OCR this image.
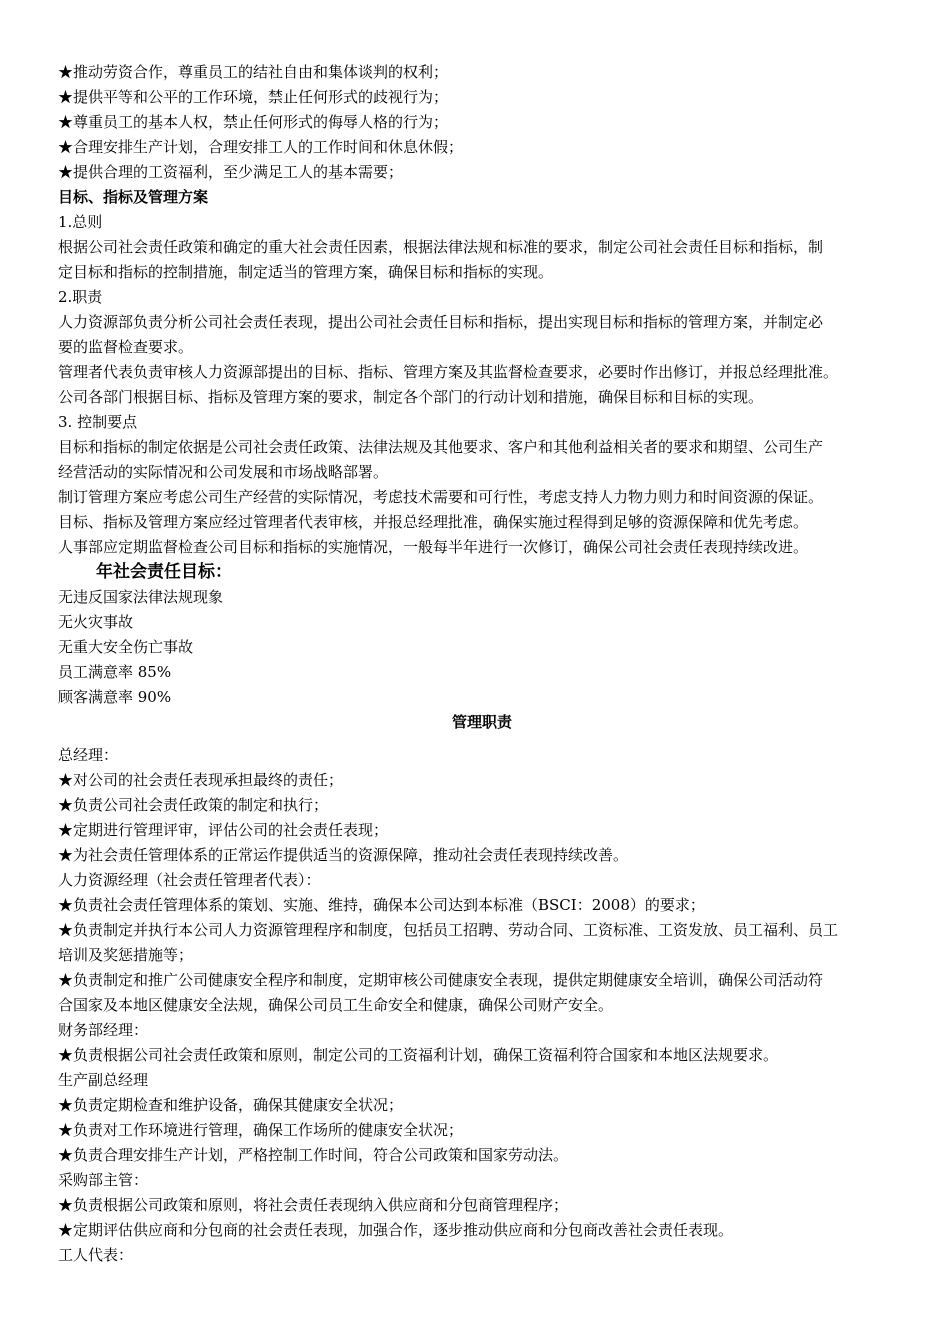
★推动劳资合作，尊重员工的结社自由和集体谈判的权利；
★提供平等和公平的工作环境，禁止任何形式的歧视行为；
★尊重员工的基本人权，禁止任何形式的侮辱人格的行为；
★合理安排生产计划，合理安排工人的工作时间和休息休假；
★提供合理的工资福利，至少满足工人的基本需要；
目标、指标及管理方案
1.总则
根据公司社会责任政策和确定的重大社会责任因素，根据法律法规和标准的要求，制定公司社会责任目标和指标，制
定目标和指标的控制措施，制定适当的管理方案，确保目标和指标的实现。
2.职责
人力资源部负责分析公司社会责任表现，提出公司社会责任目标和指标，提出实现目标和指标的管理方案，并制定必
要的监督检查要求。
管理者代表负责审核人力资源部提出的目标、指标、管理方案及其监督检查要求，必要时作出修订，并报总经理批准。
公司各部门根据目标、指标及管理方案的要求，制定各个部门的行动计划和措施，确保目标和目标的实现。
3. 控制要点
目标和指标的制定依据是公司社会责任政策、法律法规及其他要求、客户和其他利益相关者的要求和期望、公司生产
经营活动的实际情况和公司发展和市场战略部署。
制订管理方案应考虑公司生产经营的实际情况，考虑技术需要和可行性，考虑支持人力物力则力和时间资源的保证。
目标、指标及管理方案应经过管理者代表审核，并报总经理批准，确保实施过程得到足够的资源保障和优先考虑。
人事部应定期监督检查公司目标和指标的实施情况，一般每半年进行一次修订，确保公司社会责任表现持续改进。
年社会责任目标：
无违反国家法律法规现象
无火灾事故
无重大安全伤亡事故
员工满意率 85%
顾客满意率 90%
管理职责
总经理：
★对公司的社会责任表现承担最终的责任；
★负责公司社会责任政策的制定和执行；
★定期进行管理评审，评估公司的社会责任表现；
★为社会责任管理体系的正常运作提供适当的资源保障，推动社会责任表现持续改善。
人力资源经理（社会责任管理者代表）：
★负责社会责任管理体系的策划、实施、维持，确保本公司达到本标准（BSCI：2008）的要求；
★负责制定并执行本公司人力资源管理程序和制度，包括员工招聘、劳动合同、工资标准、工资发放、员工福利、员工
培训及奖惩措施等；
★负责制定和推广公司健康安全程序和制度，定期审核公司健康安全表现，提供定期健康安全培训，确保公司活动符
合国家及本地区健康安全法规，确保公司员工生命安全和健康，确保公司财产安全。
财务部经理：
★负责根据公司社会责任政策和原则，制定公司的工资福利计划，确保工资福利符合国家和本地区法规要求。
生产副总经理
★负责定期检查和维护设备，确保其健康安全状况；
★负责对工作环境进行管理，确保工作场所的健康安全状况；
★负责合理安排生产计划，严格控制工作时间，符合公司政策和国家劳动法。
采购部主管：
★负责根据公司政策和原则，将社会责任表现纳入供应商和分包商管理程序；
★定期评估供应商和分包商的社会责任表现，加强合作，逐步推动供应商和分包商改善社会责任表现。
工人代表：
